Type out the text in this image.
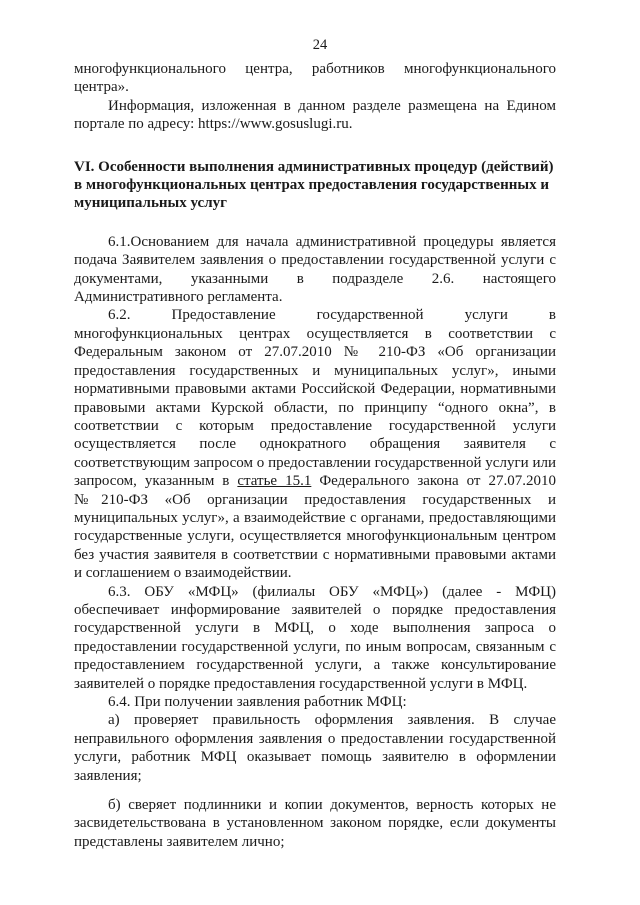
24

многофункционального центра, работников многофункционального центра».

Информация, изложенная в данном разделе размещена на Едином портале по адресу: https://www.gosuslugi.ru.

VI. Особенности выполнения административных процедур (действий) в многофункциональных центрах предоставления государственных и муниципальных услуг

6.1.Основанием для начала административной процедуры является подача Заявителем заявления о предоставлении государственной услуги с документами, указанными в подразделе 2.6. настоящего Административного регламента.

6.2. Предоставление государственной услуги в многофункциональных центрах осуществляется в соответствии с Федеральным законом от 27.07.2010 № 210-ФЗ «Об организации предоставления государственных и муниципальных услуг», иными нормативными правовыми актами Российской Федерации, нормативными правовыми актами Курской области, по принципу “одного окна”, в соответствии с которым предоставление государственной услуги осуществляется после однократного обращения заявителя с соответствующим запросом о предоставлении государственной услуги или запросом, указанным в статье 15.1 Федерального закона от 27.07.2010 №210-ФЗ «Об организации предоставления государственных и муниципальных услуг», а взаимодействие с органами, предоставляющими государственные услуги, осуществляется многофункциональным центром без участия заявителя в соответствии с нормативными правовыми актами и соглашением о взаимодействии.

6.3. ОБУ «МФЦ» (филиалы ОБУ «МФЦ») (далее - МФЦ) обеспечивает информирование заявителей о порядке предоставления государственной услуги в МФЦ, о ходе выполнения запроса о предоставлении государственной услуги, по иным вопросам, связанным с предоставлением государственной услуги, а также консультирование заявителей о порядке предоставления государственной услуги в МФЦ.

6.4. При получении заявления работник МФЦ:

а) проверяет правильность оформления заявления. В случае неправильного оформления заявления о предоставлении государственной услуги, работник МФЦ оказывает помощь заявителю в оформлении заявления;

б) сверяет подлинники и копии документов, верность которых не засвидетельствована в установленном законом порядке, если документы представлены заявителем лично;
